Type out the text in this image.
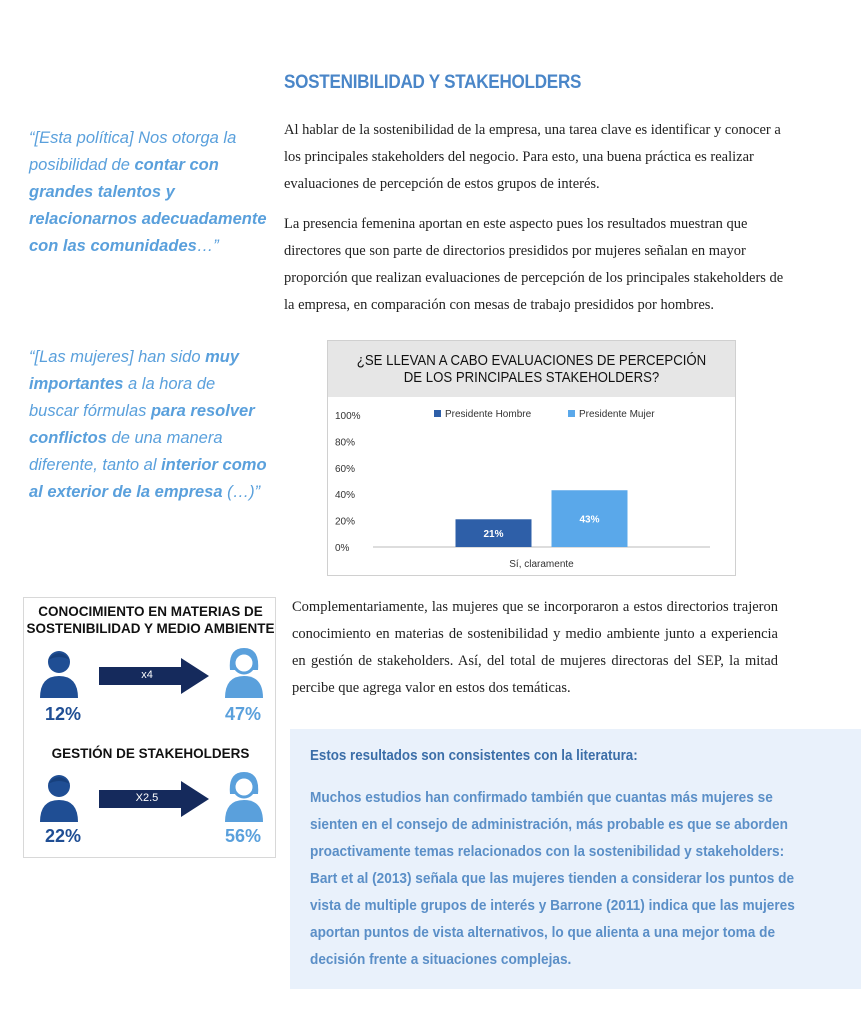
SOSTENIBILIDAD Y STAKEHOLDERS

Al hablar de la sostenibilidad de la empresa, una tarea clave es identificar y conocer a los principales stakeholders del negocio. Para esto, una buena práctica es realizar evaluaciones de percepción de estos grupos de interés.

La presencia femenina aportan en este aspecto pues los resultados muestran que directores que son parte de directorios presididos por mujeres señalan en mayor proporción que realizan evaluaciones de percepción de los principales stakeholders de la empresa, en comparación con mesas de trabajo presididos por hombres.

“[Esta política] Nos otorga la posibilidad de contar con grandes talentos y relacionarnos adecuadamente con las comunidades…”
“[Las mujeres] han sido muy importantes a la hora de buscar fórmulas para resolver conflictos de una manera diferente, tanto al interior como al exterior de la empresa (…)”
¿SE LLEVAN A CABO EVALUACIONES DE PERCEPCIÓN DE LOS PRINCIPALES STAKEHOLDERS?
0%
20%
40%
60%
80%
100%
21%
Presidente Hombre
43%
Presidente Mujer
Sí, claramente

Complementariamente, las mujeres que se incorporaron a estos directorios trajeron conocimiento en materias de sostenibilidad y medio ambiente junto a experiencia en gestión de stakeholders. Así, del total de mujeres directoras del SEP, la mitad percibe que agrega valor en estos dos temáticas.

CONOCIMIENTO EN MATERIAS DE SOSTENIBILIDAD Y MEDIO AMBIENTE
x4
12%	47%
GESTIÓN DE STAKEHOLDERS
X2.5
22%	56%
Estos resultados son consistentes con la literatura:

Muchos estudios han confirmado también que cuantas más mujeres se sienten en el consejo de administración, más probable es que se aborden proactivamente temas relacionados con la sostenibilidad y stakeholders: Bart et al (2013) señala que las mujeres tienden a considerar los puntos de vista de multiple grupos de interés y Barrone (2011) indica que las mujeres aportan puntos de vista alternativos, lo que alienta a una mejor toma de decisión frente a situaciones complejas.
